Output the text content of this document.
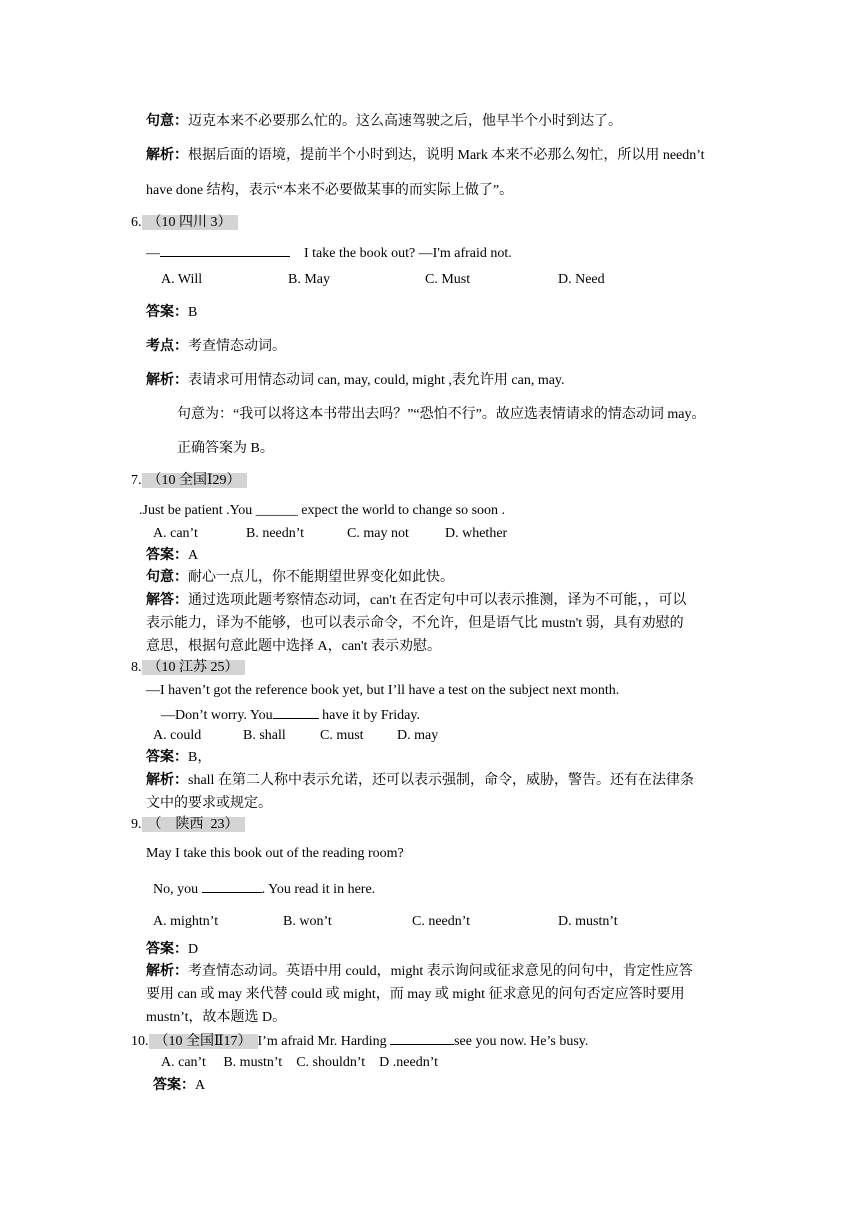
句意：迈克本来不必要那么忙的。这么高速驾驶之后，他早半个小时到达了。
解析：根据后面的语境，提前半个小时到达，说明 Mark 本来不必那么匆忙，所以用 needn’t
have done 结构，表示“本来不必要做某事的而实际上做了”。
6. （10 四川 3）
—	I take the book out? —I'm afraid not.
A. Will	B. May	C. Must	D. Need
答案：B
考点：考查情态动词。
解析：表请求可用情态动词 can, may, could, might ,表允许用 can, may.
句意为：“我可以将这本书带出去吗？”“恐怕不行”。故应选表情请求的情态动词 may。
正确答案为 B。
7. （10 全国Ⅰ29）
.Just be patient .You ______ expect the world to change so soon .
A. can’t	B. needn’t	C. may not	D. whether
答案：A
句意：耐心一点儿，你不能期望世界变化如此快。
解答：通过选项此题考察情态动词，can't 在否定句中可以表示推测，译为不可能，，可以
表示能力，译为不能够，也可以表示命令，不允许，但是语气比 mustn't 弱，具有劝慰的
意思，根据句意此题中选择 A，can't 表示劝慰。
8. （10 江苏 25）
—I haven’t got the reference book yet, but I’ll have a test on the subject next month.
—Don’t worry. You	have it by Friday.
A. could	B. shall C. must D. may
答案：B，
解析：shall 在第二人称中表示允诺，还可以表示强制，命令，威胁，警告。还有在法律条
文中的要求或规定。
9. （    陕西  23）
May I take this book out of the reading room?
No, you	. You read it in here.
A. mightn’t	B. won’t	C. needn’t	D. mustn’t
答案：D
解析：考查情态动词。英语中用 could，might 表示询问或征求意见的问句中，肯定性应答
要用 can 或 may 来代替 could 或 might，而 may 或 might 征求意见的问句否定应答时要用
mustn’t，故本题选 D。
10. （10 全国Ⅱ17） I’m afraid Mr. Harding	see you now. He’s busy.
A. can’t     B. mustn’t    C. shouldn’t    D .needn’t
答案：A
